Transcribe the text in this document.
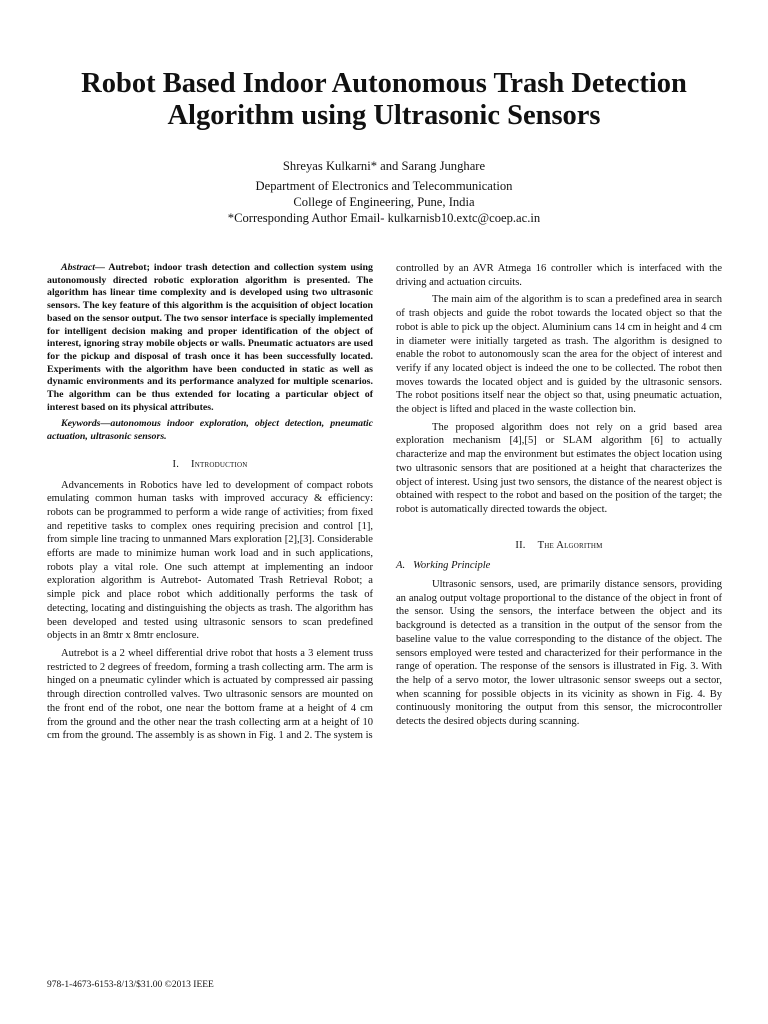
Robot Based Indoor Autonomous Trash Detection
Algorithm using Ultrasonic Sensors
Shreyas Kulkarni* and Sarang Junghare
Department of Electronics and Telecommunication
College of Engineering, Pune, India
*Corresponding Author Email- kulkarnisb10.extc@coep.ac.in

Abstract— Autrebot; indoor trash detection and collection system using autonomously directed robotic exploration algorithm is presented. The algorithm has linear time complexity and is developed using two ultrasonic sensors. The key feature of this algorithm is the acquisition of object location based on the sensor output. The two sensor interface is specially implemented for intelligent decision making and proper identification of the object of interest, ignoring stray mobile objects or walls. Pneumatic actuators are used for the pickup and disposal of trash once it has been successfully located. Experiments with the algorithm have been conducted in static as well as dynamic environments and its performance analyzed for multiple scenarios. The algorithm can be thus extended for locating a particular object of interest based on its physical attributes.

Keywords—autonomous indoor exploration, object detection, pneumatic actuation, ultrasonic sensors.

I. Introduction

Advancements in Robotics have led to development of compact robots emulating common human tasks with improved accuracy & efficiency: robots can be programmed to perform a wide range of activities; from fixed and repetitive tasks to complex ones requiring precision and control [1], from simple line tracing to unmanned Mars exploration [2],[3]. Considerable efforts are made to minimize human work load and in such applications, robots play a vital role. One such attempt at implementing an indoor exploration algorithm is Autrebot- Automated Trash Retrieval Robot; a simple pick and place robot which additionally performs the task of detecting, locating and distinguishing the objects as trash. The algorithm has been developed and tested using ultrasonic sensors to scan predefined objects in an 8mtr x 8mtr enclosure.

Autrebot is a 2 wheel differential drive robot that hosts a 3 element truss restricted to 2 degrees of freedom, forming a trash collecting arm. The arm is hinged on a pneumatic cylinder which is actuated by compressed air passing through direction controlled valves. Two ultrasonic sensors are mounted on the front end of the robot, one near the bottom frame at a height of 4 cm from the ground and the other near the trash collecting arm at a height of 10 cm from the ground. The assembly is as shown in Fig. 1 and 2. The system is

controlled by an AVR Atmega 16 controller which is interfaced with the driving and actuation circuits.

The main aim of the algorithm is to scan a predefined area in search of trash objects and guide the robot towards the located object so that the robot is able to pick up the object. Aluminium cans 14 cm in height and 4 cm in diameter were initially targeted as trash. The algorithm is designed to enable the robot to autonomously scan the area for the object of interest and verify if any located object is indeed the one to be collected. The robot then moves towards the located object and is guided by the ultrasonic sensors. The robot positions itself near the object so that, using pneumatic actuation, the object is lifted and placed in the waste collection bin.

The proposed algorithm does not rely on a grid based area exploration mechanism [4],[5] or SLAM algorithm [6] to actually characterize and map the environment but estimates the object location using two ultrasonic sensors that are positioned at a height that characterizes the object of interest. Using just two sensors, the distance of the nearest object is obtained with respect to the robot and based on the position of the target; the robot is automatically directed towards the object.

II. The Algorithm
A. Working Principle

Ultrasonic sensors, used, are primarily distance sensors, providing an analog output voltage proportional to the distance of the object in front of the sensor. Using the sensors, the interface between the object and its background is detected as a transition in the output of the sensor from the baseline value to the value corresponding to the distance of the object. The sensors employed were tested and characterized for their performance in the range of operation. The response of the sensors is illustrated in Fig. 3. With the help of a servo motor, the lower ultrasonic sensor sweeps out a sector, when scanning for possible objects in its vicinity as shown in Fig. 4. By continuously monitoring the output from this sensor, the microcontroller detects the desired objects during scanning.

978-1-4673-6153-8/13/$31.00 ©2013 IEEE
